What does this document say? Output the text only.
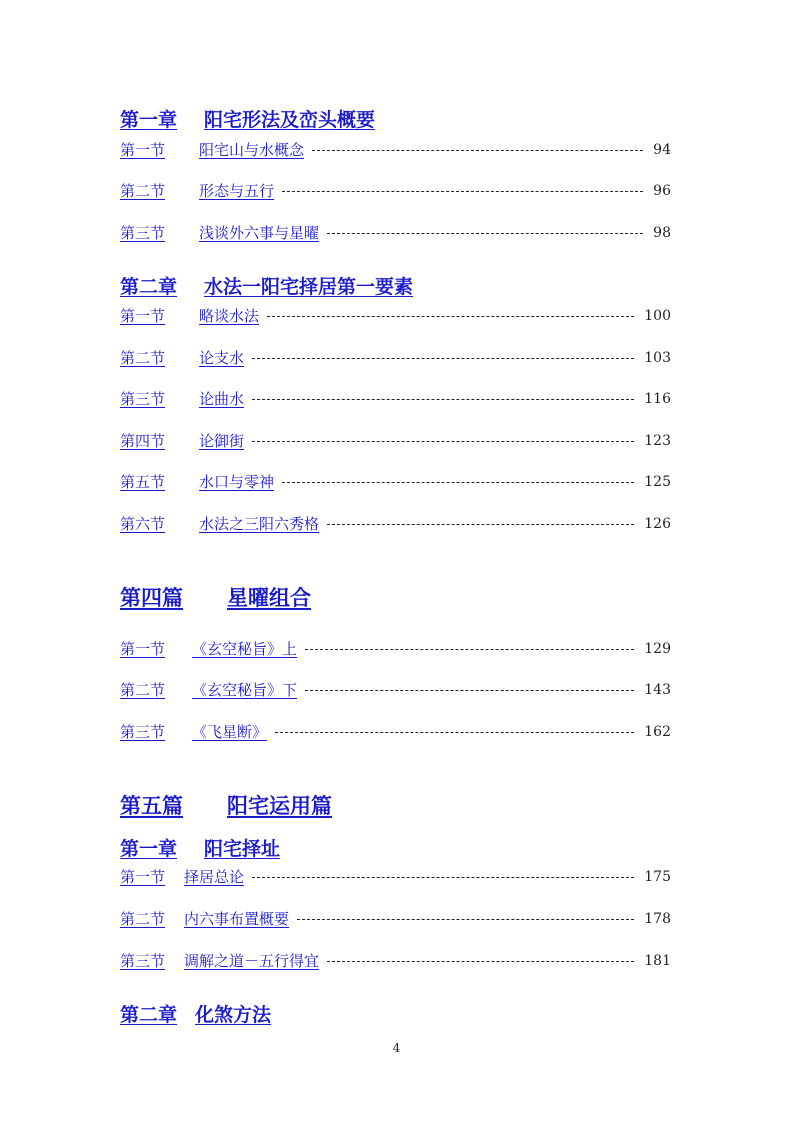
第一章	阳宅形法及峦头概要
第一节	阳宅山与水概念	94
第二节	形态与五行	96
第三节	浅谈外六事与星曜	98
第二章	水法一阳宅择居第一要素
第一节	略谈水法	100
第二节	论支水	103
第三节	论曲水	116
第四节	论御街	123
第五节	水口与零神	125
第六节	水法之三阳六秀格	126
第四篇	星曜组合
第一节	《玄空秘旨》上	129
第二节	《玄空秘旨》下	143
第三节	《飞星断》	162
第五篇	阳宅运用篇
第一章	阳宅择址
第一节	择居总论	175
第二节	内六事布置概要	178
第三节	调解之道－五行得宜	181
第二章 化煞方法
4
